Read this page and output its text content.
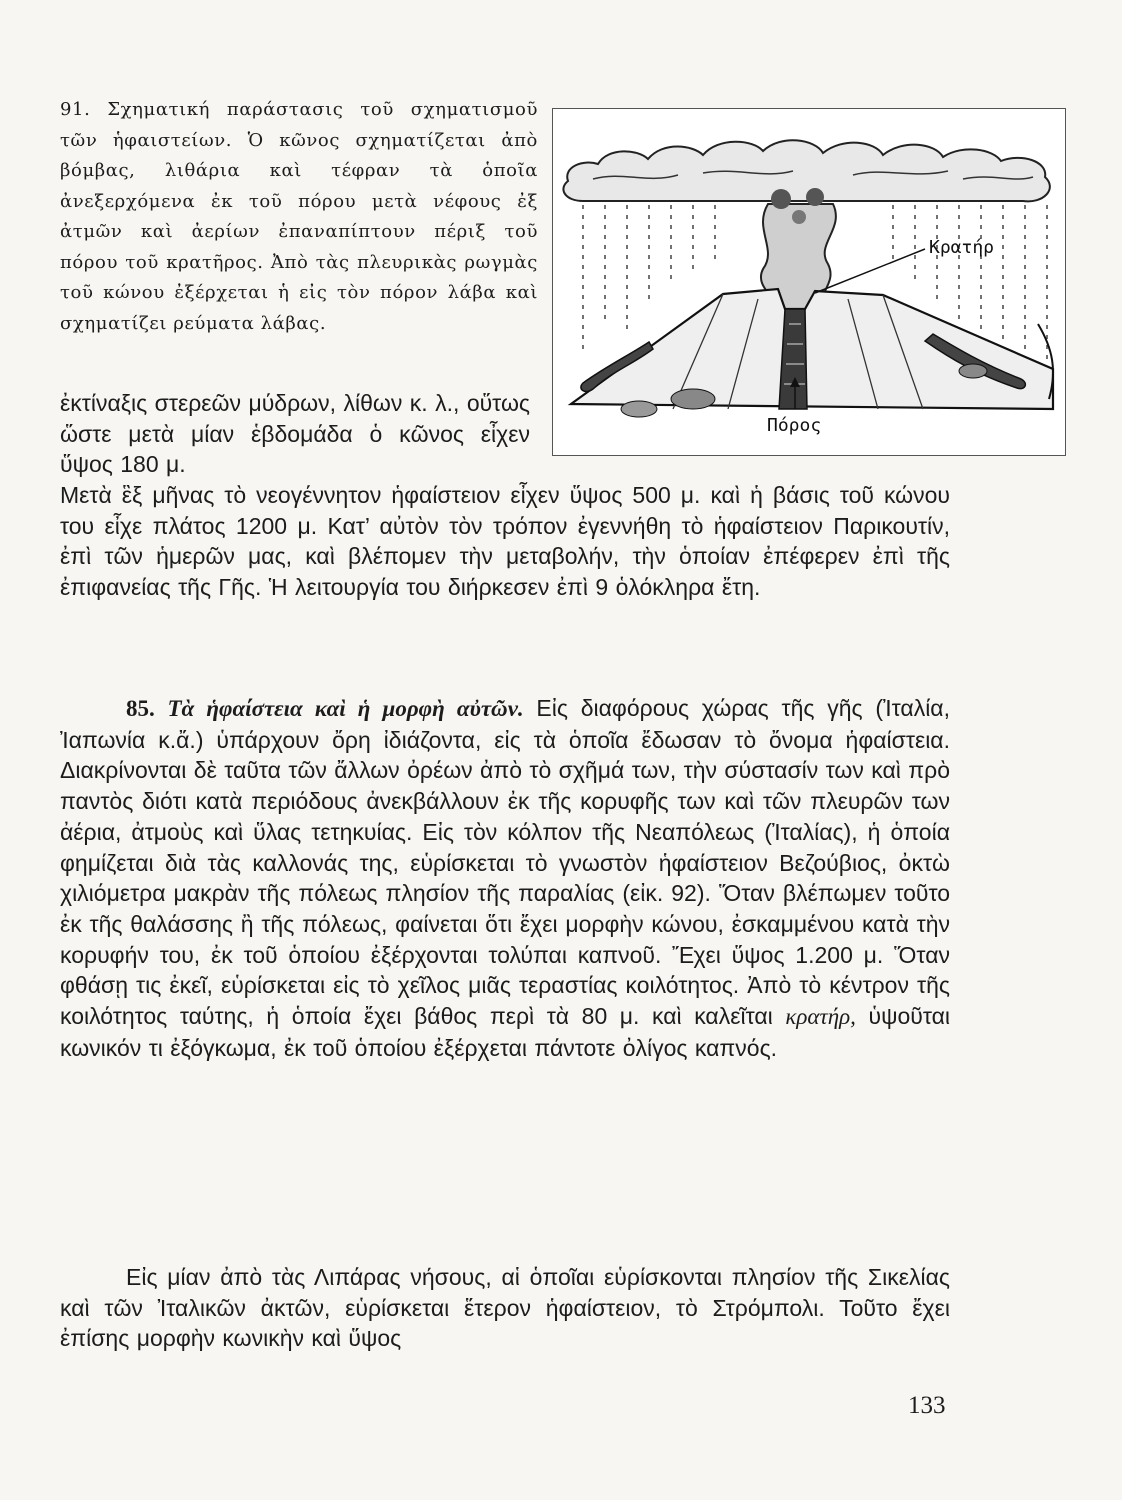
91. Σχηματική παράστασις τοῦ σχηματισμοῦ τῶν ἡφαιστείων. Ὁ κῶνος σχηματίζεται ἀπὸ βόμβας, λιθάρια καὶ τέφραν τὰ ὁποῖα ἀνεξερχόμενα ἐκ τοῦ πόρου μετὰ νέφους ἐξ ἀτμῶν καὶ ἀερίων ἐπαναπίπτουν πέριξ τοῦ πόρου τοῦ κρατῆρος. Ἀπὸ τὰς πλευρικὰς ρωγμὰς τοῦ κώνου ἐξέρχεται ἡ εἰς τὸν πόρον λάβα καὶ σχηματίζει ρεύματα λάβας.
Κρατήρ
Πόρος

ἐκτίναξις στερεῶν μύδρων, λίθων κ. λ., οὕτως ὥστε μετὰ μίαν ἑβδομάδα ὁ κῶνος εἶχεν ὕψος 180 μ.

Μετὰ ἓξ μῆνας τὸ νεογέννητον ἡφαίστειον εἶχεν ὕψος 500 μ. καὶ ἡ βάσις τοῦ κώνου του εἶχε πλάτος 1200 μ. Κατ’ αὐτὸν τὸν τρόπον ἐγεννήθη τὸ ἡφαίστειον Παρικουτίν, ἐπὶ τῶν ἡμερῶν μας, καὶ βλέπομεν τὴν μεταβολήν, τὴν ὁποίαν ἐπέφερεν ἐπὶ τῆς ἐπιφανείας τῆς Γῆς. Ἡ λειτουργία του διήρκεσεν ἐπὶ 9 ὁλόκληρα ἔτη.

85. Τὰ ἡφαίστεια καὶ ἡ μορφὴ αὐτῶν. Εἰς διαφόρους χώρας τῆς γῆς (Ἰταλία, Ἰαπωνία κ.ἄ.) ὑπάρχουν ὄρη ἰδιάζοντα, εἰς τὰ ὁποῖα ἔδωσαν τὸ ὄνομα ἡφαίστεια. Διακρίνονται δὲ ταῦτα τῶν ἄλλων ὀρέων ἀπὸ τὸ σχῆμά των, τὴν σύστασίν των καὶ πρὸ παντὸς διότι κατὰ περιόδους ἀνεκβάλλουν ἐκ τῆς κορυφῆς των καὶ τῶν πλευρῶν των ἀέρια, ἀτμοὺς καὶ ὕλας τετηκυίας. Εἰς τὸν κόλπον τῆς Νεαπόλεως (Ἰταλίας), ἡ ὁποία φημίζεται διὰ τὰς καλλονάς της, εὑρίσκεται τὸ γνωστὸν ἡφαίστειον Βεζούβιος, ὀκτὼ χιλιόμετρα μακρὰν τῆς πόλεως πλησίον τῆς παραλίας (εἰκ. 92). Ὅταν βλέπωμεν τοῦτο ἐκ τῆς θαλάσσης ἢ τῆς πόλεως, φαίνεται ὅτι ἔχει μορφὴν κώνου, ἐσκαμμένου κατὰ τὴν κορυφήν του, ἐκ τοῦ ὁποίου ἐξέρχονται τολύπαι καπνοῦ. Ἔχει ὕψος 1.200 μ. Ὅταν φθάσῃ τις ἐκεῖ, εὑρίσκεται εἰς τὸ χεῖλος μιᾶς τεραστίας κοιλότητος. Ἀπὸ τὸ κέντρον τῆς κοιλότητος ταύτης, ἡ ὁποία ἔχει βάθος περὶ τὰ 80 μ. καὶ καλεῖται κρατήρ, ὑψοῦται κωνικόν τι ἐξόγκωμα, ἐκ τοῦ ὁποίου ἐξέρχεται πάντοτε ὀλίγος καπνός.

Εἰς μίαν ἀπὸ τὰς Λιπάρας νήσους, αἱ ὁποῖαι εὑρίσκονται πλησίον τῆς Σικελίας καὶ τῶν Ἰταλικῶν ἀκτῶν, εὑρίσκεται ἕτερον ἡφαίστειον, τὸ Στρόμπολι. Τοῦτο ἔχει ἐπίσης μορφὴν κωνικὴν καὶ ὕψος

133
